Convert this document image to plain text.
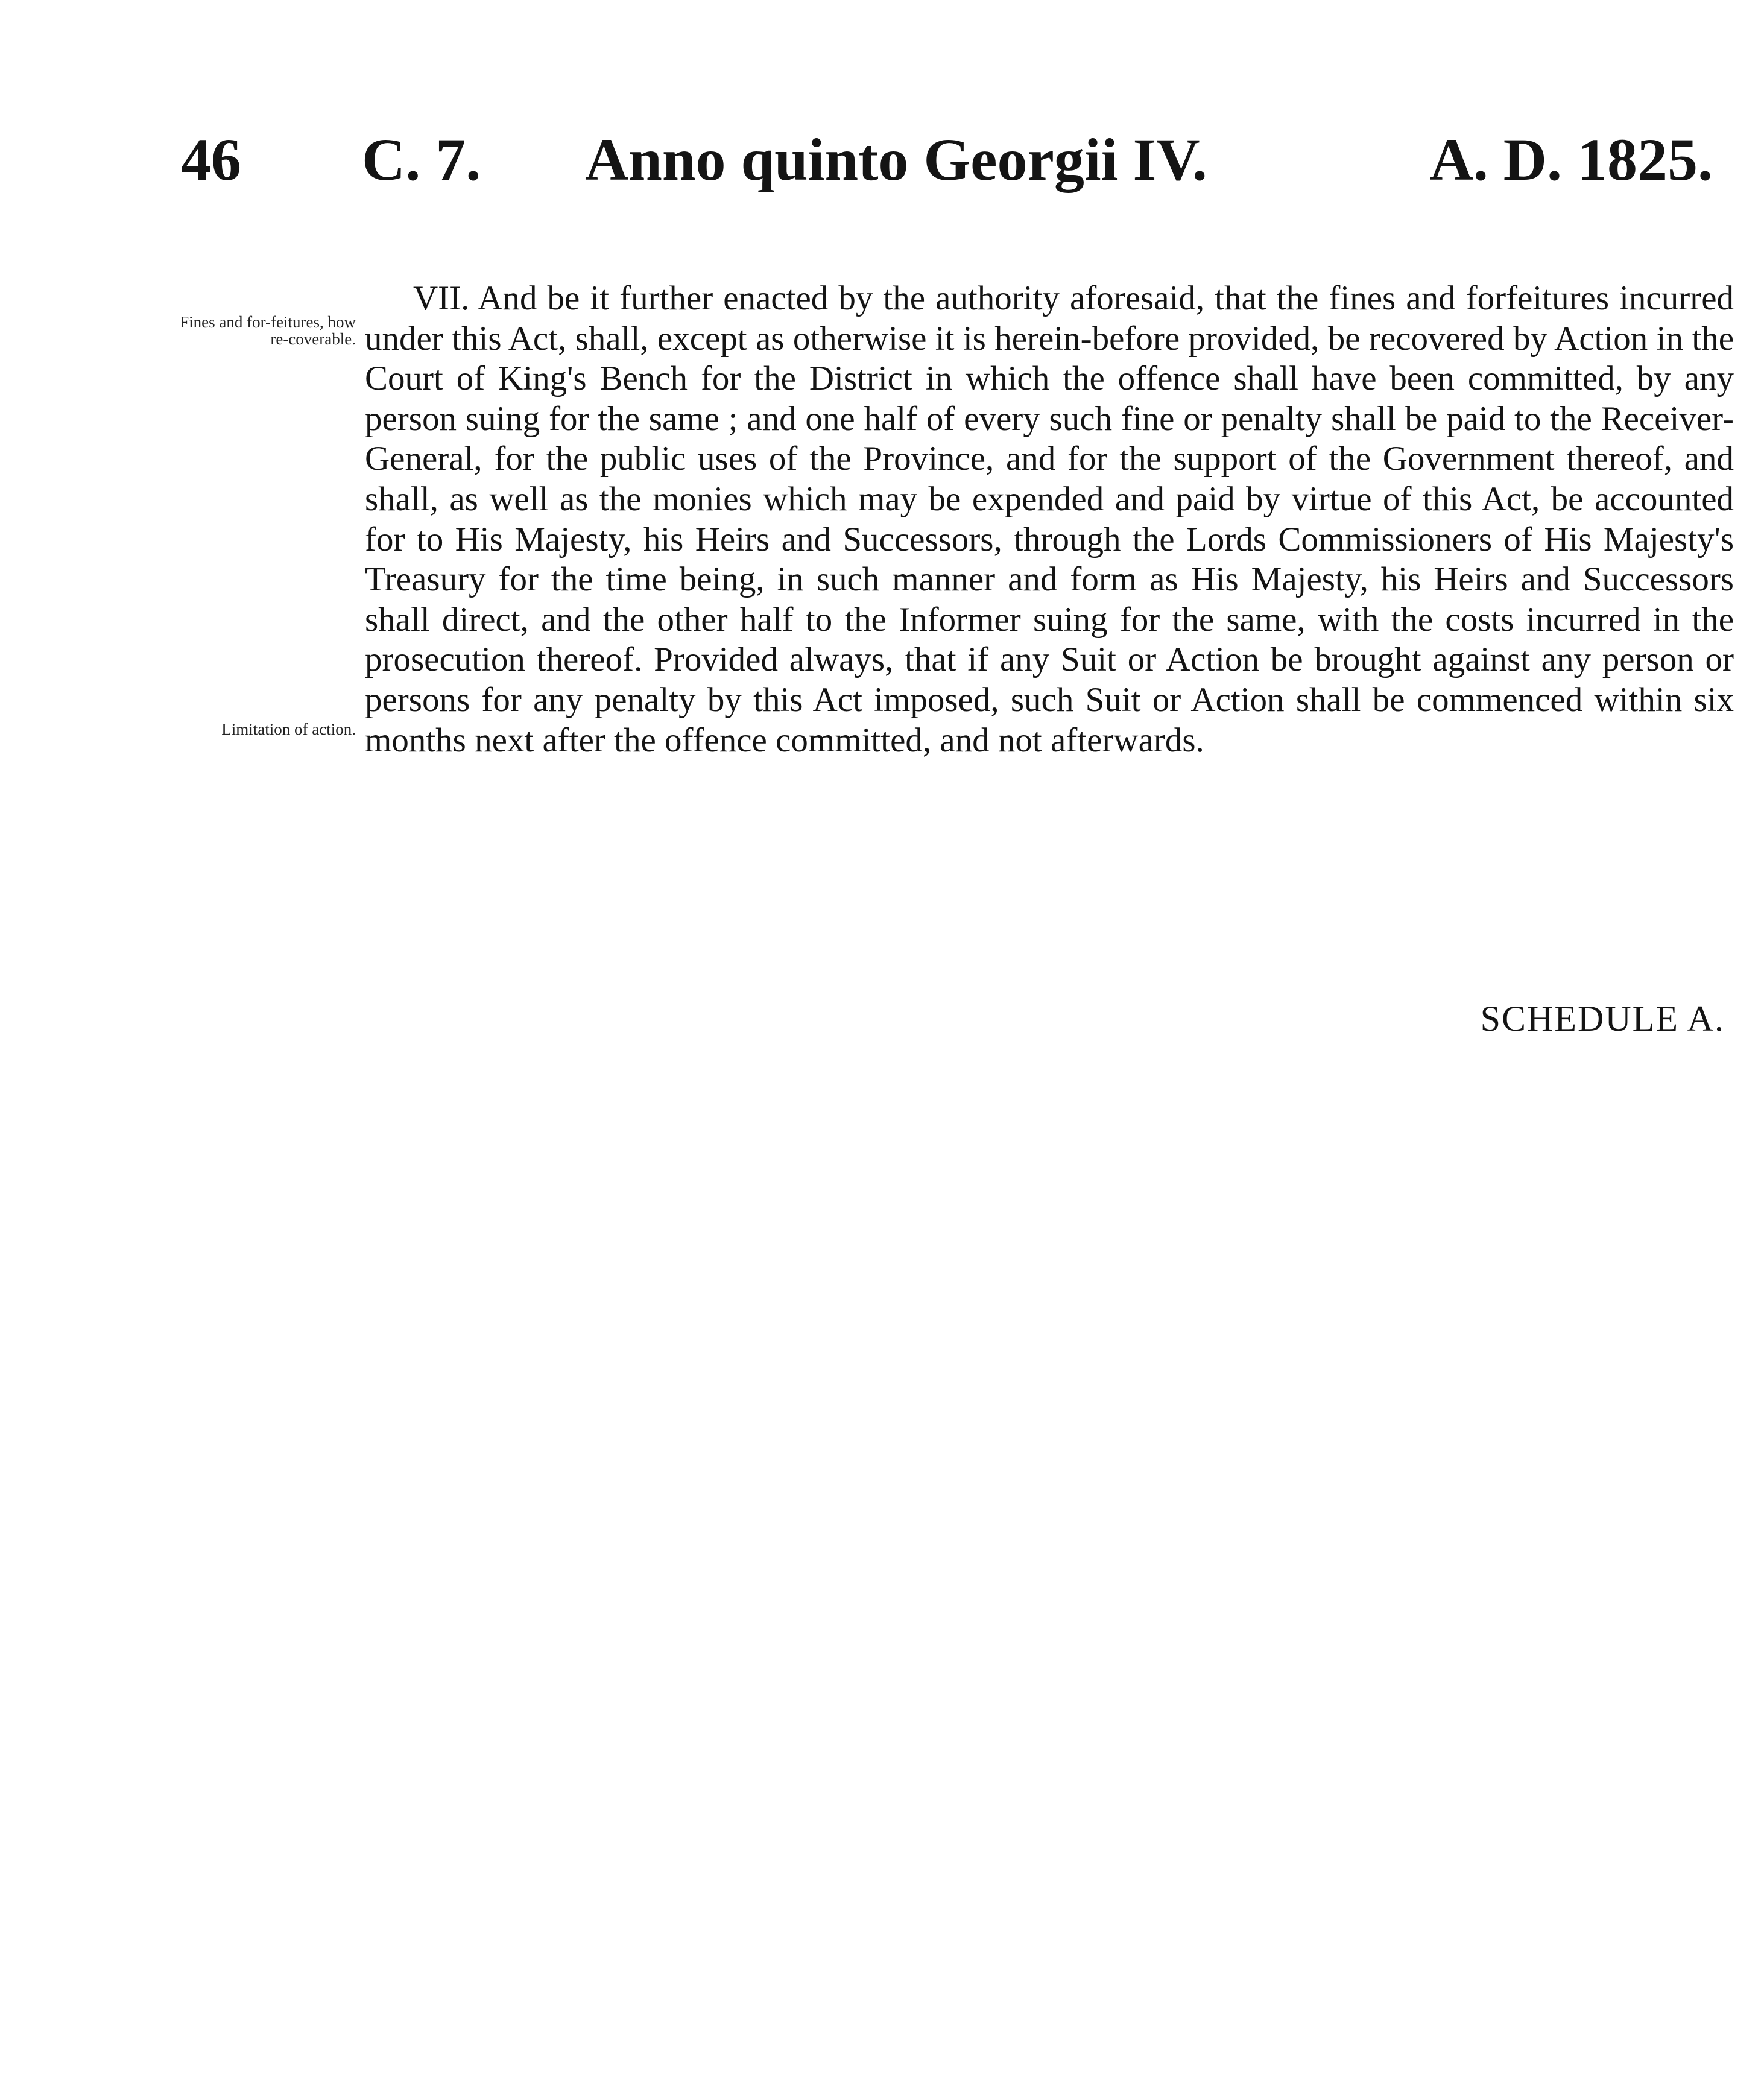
46 C. 7. Anno quinto Georgii IV.	A. D. 1825.
Fines and for-feitures, how re-coverable.
Limitation of action.

VII. And be it further enacted by the authority aforesaid, that the fines and forfeitures incurred under this Act, shall, except as otherwise it is herein-before provided, be recovered by Action in the Court of King's Bench for the District in which the offence shall have been committed, by any person suing for the same ; and one half of every such fine or penalty shall be paid to the Receiver-General, for the public uses of the Province, and for the support of the Government thereof, and shall, as well as the monies which may be expended and paid by virtue of this Act, be accounted for to His Majesty, his Heirs and Successors, through the Lords Commissioners of His Majesty's Treasury for the time being, in such manner and form as His Majesty, his Heirs and Successors shall direct, and the other half to the Informer suing for the same, with the costs incurred in the prosecution thereof. Provided always, that if any Suit or Action be brought against any person or persons for any penalty by this Act imposed, such Suit or Action shall be commenced within six months next after the offence committed, and not afterwards.

SCHEDULE A.
